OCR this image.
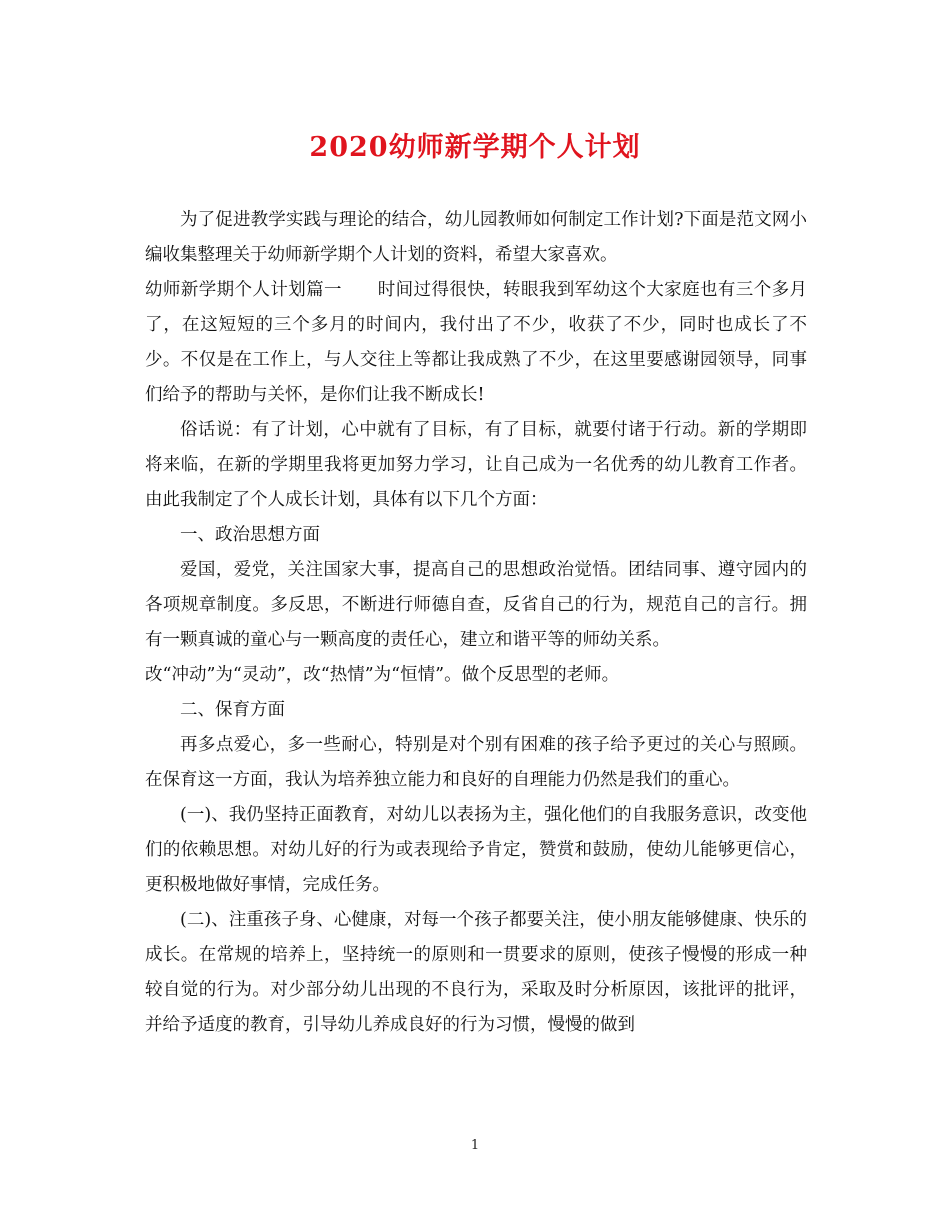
2020幼师新学期个人计划

为了促进教学实践与理论的结合，幼儿园教师如何制定工作计划?下面是范文网小编收集整理关于幼师新学期个人计划的资料，希望大家喜欢。

幼师新学期个人计划篇一　　时间过得很快，转眼我到军幼这个大家庭也有三个多月了，在这短短的三个多月的时间内，我付出了不少，收获了不少，同时也成长了不少。不仅是在工作上，与人交往上等都让我成熟了不少，在这里要感谢园领导，同事们给予的帮助与关怀，是你们让我不断成长!

俗话说：有了计划，心中就有了目标，有了目标，就要付诸于行动。新的学期即将来临，在新的学期里我将更加努力学习，让自己成为一名优秀的幼儿教育工作者。由此我制定了个人成长计划，具体有以下几个方面：

一、政治思想方面

爱国，爱党，关注国家大事，提高自己的思想政治觉悟。团结同事、遵守园内的各项规章制度。多反思，不断进行师德自查，反省自己的行为，规范自己的言行。拥有一颗真诚的童心与一颗高度的责任心，建立和谐平等的师幼关系。

改“冲动”为“灵动”，改“热情”为“恒情”。做个反思型的老师。

二、保育方面

再多点爱心，多一些耐心，特别是对个别有困难的孩子给予更过的关心与照顾。在保育这一方面，我认为培养独立能力和良好的自理能力仍然是我们的重心。

(一)、我仍坚持正面教育，对幼儿以表扬为主，强化他们的自我服务意识，改变他们的依赖思想。对幼儿好的行为或表现给予肯定，赞赏和鼓励，使幼儿能够更信心，更积极地做好事情，完成任务。

(二)、注重孩子身、心健康，对每一个孩子都要关注，使小朋友能够健康、快乐的成长。在常规的培养上，坚持统一的原则和一贯要求的原则，使孩子慢慢的形成一种较自觉的行为。对少部分幼儿出现的不良行为，采取及时分析原因，该批评的批评，并给予适度的教育，引导幼儿养成良好的行为习惯，慢慢的做到

1
